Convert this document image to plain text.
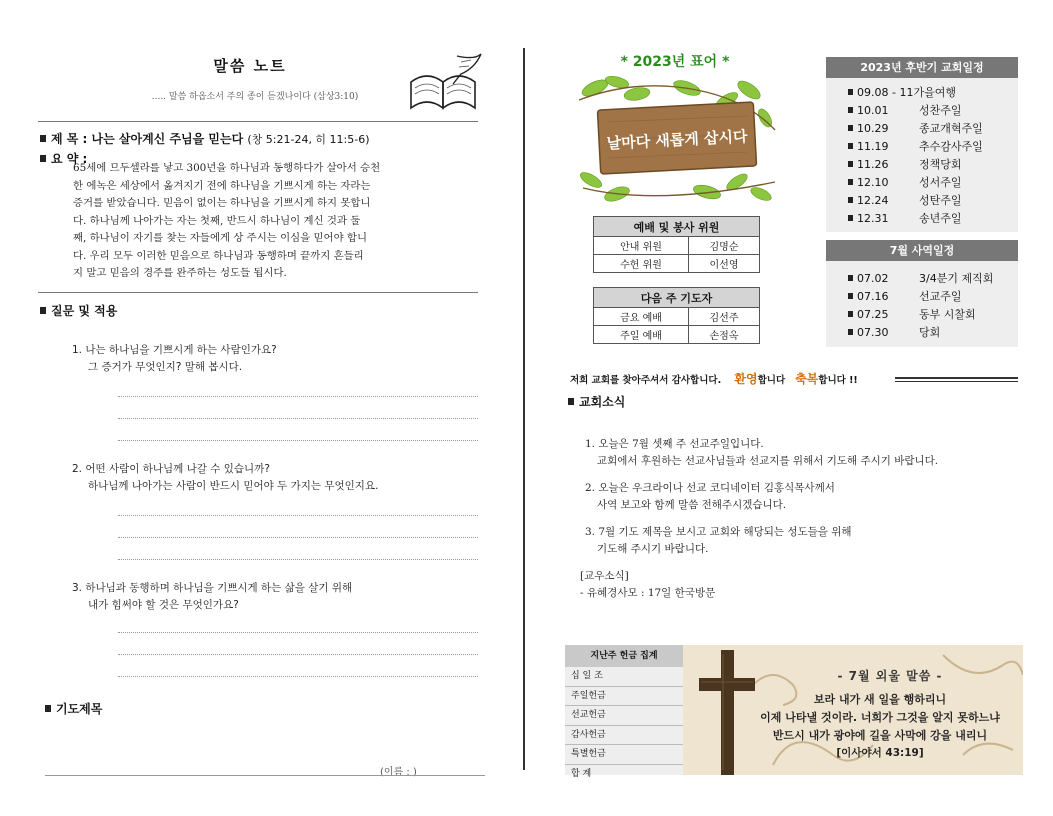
말씀 노트
..... 말씀 하옵소서 주의 종이 듣겠나이다 (삼상3:10)
제 목 : 나는 살아계신 주님을 믿는다 (창 5:21-24, 히 11:5-6)
요 약 :
65세에 므두셀라를 낳고 300년을 하나님과 동행하다가 살아서 승천
한 에녹은 세상에서 옮겨지기 전에 하나님을 기쁘시게 하는 자라는
증거를 받았습니다. 믿음이 없이는 하나님을 기쁘시게 하지 못합니
다. 하나님께 나아가는 자는 첫째, 반드시 하나님이 계신 것과 둘
째, 하나님이 자기를 찾는 자들에게 상 주시는 이심을 믿어야 합니
다. 우리 모두 이러한 믿음으로 하나님과 동행하며 끝까지 흔들리
지 말고 믿음의 경주를 완주하는 성도들 됩시다.
질문 및 적용
1. 나는 하나님을 기쁘시게 하는 사람인가요?
그 증거가 무엇인지? 말해 봅시다.
2. 어떤 사람이 하나님께 나갈 수 있습니까?
하나님께 나아가는 사람이 반드시 믿어야 두 가지는 무엇인지요.
3. 하나님과 동행하며 하나님을 기쁘시게 하는 삶을 살기 위해
내가 힘써야 할 것은 무엇인가요?
기도제목
(이름 : )
* 2023년 표어 *
날마다 새롭게 삽시다
예배 및 봉사 위원	
안내 위원	김명순
수헌 위원	이선영
다음 주 기도자	
금요 예배	김선주
주일 예배	손점옥
2023년 후반기 교회일정
09.08 - 11가을여행
10.01	성찬주일
10.29	종교개혁주일
11.19	추수감사주일
11.26	정책당회
12.10	성서주일
12.24	성탄주일
12.31	송년주일
7월 사역일정
07.02	3/4분기 제직회
07.16	선교주일
07.25	동부 시찰회
07.30	당회
저희 교회를 찾아주셔서 감사합니다. 환영합니다 축복합니다 !!
교회소식
1. 오늘은 7월 셋째 주 선교주일입니다.
교회에서 후원하는 선교사님들과 선교지를 위해서 기도해 주시기 바랍니다.
2. 오늘은 우크라이나 선교 코디네이터 김홍식목사께서
사역 보고와 함께 말씀 전해주시겠습니다.
3. 7월 기도 제목을 보시고 교회와 해당되는 성도들을 위해
기도해 주시기 바랍니다.
[교우소식]
- 유혜경사모 : 17일 한국방문
지난주 헌금 집계
십 일 조
주일헌금
선교헌금
감사헌금
특별헌금
합 계
- 7월 외울 말씀 -
보라 내가 새 일을 행하리니
이제 나타낼 것이라. 너희가 그것을 알지 못하느냐
반드시 내가 광야에 길을 사막에 강을 내리니
[이사야서 43:19]
